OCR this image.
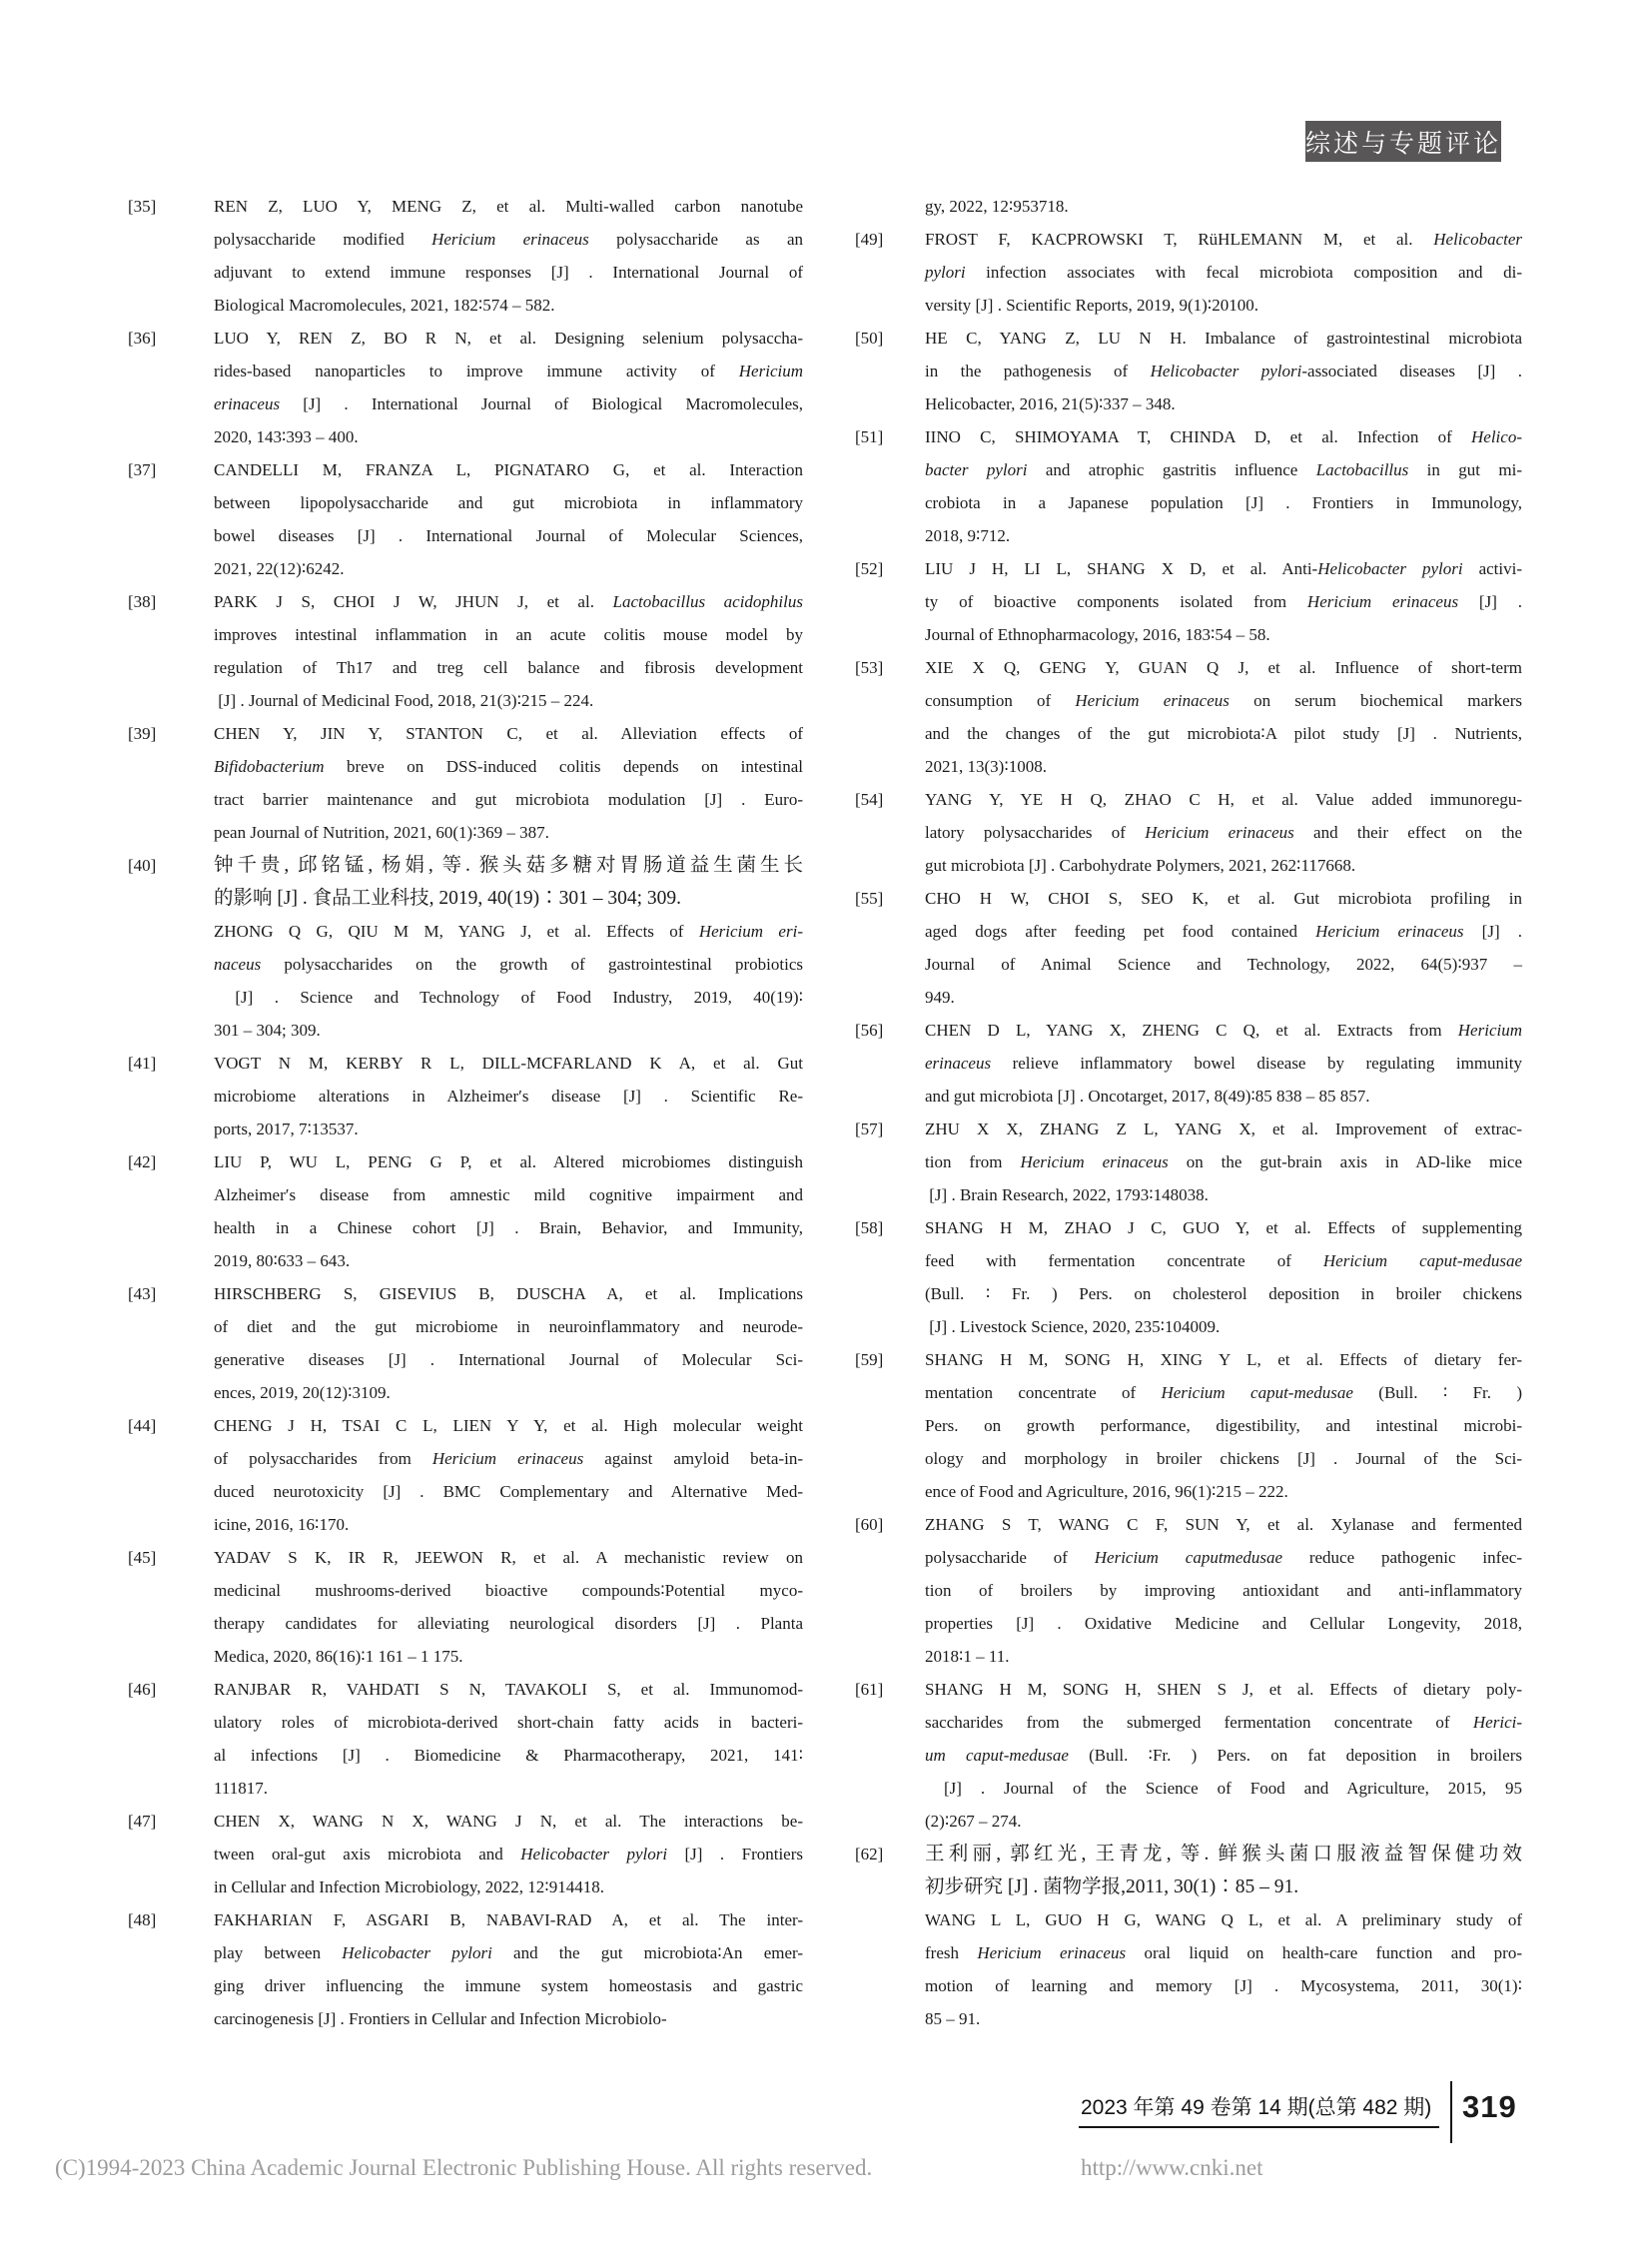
综述与专题评论
[35]	REN Z, LUO Y, MENG Z, et al. Multi-walled carbon nanotube
polysaccharide modified Hericium erinaceus polysaccharide as an
adjuvant to extend immune responses [J] . International Journal of
Biological Macromolecules, 2021, 182∶574 – 582.
[36]	LUO Y, REN Z, BO R N, et al. Designing selenium polysaccha-
rides-based nanoparticles to improve immune activity of Hericium
erinaceus [J] . International Journal of Biological Macromolecules,
2020, 143∶393 – 400.
[37]	CANDELLI M, FRANZA L, PIGNATARO G, et al. Interaction
between lipopolysaccharide and gut microbiota in inflammatory
bowel diseases [J] . International Journal of Molecular Sciences,
2021, 22(12)∶6242.
[38]	PARK J S, CHOI J W, JHUN J, et al. Lactobacillus acidophilus
improves intestinal inflammation in an acute colitis mouse model by
regulation of Th17 and treg cell balance and fibrosis development
[J] . Journal of Medicinal Food, 2018, 21(3)∶215 – 224.
[39]	CHEN Y, JIN Y, STANTON C, et al. Alleviation effects of
Bifidobacterium breve on DSS-induced colitis depends on intestinal
tract barrier maintenance and gut microbiota modulation [J] . Euro-
pean Journal of Nutrition, 2021, 60(1)∶369 – 387.
[40]	钟千贵, 邱铭锰, 杨娟, 等. 猴头菇多糖对胃肠道益生菌生长
的影响 [J] . 食品工业科技, 2019, 40(19)∶301 – 304; 309.
ZHONG Q G, QIU M M, YANG J, et al. Effects of Hericium eri-
naceus polysaccharides on the growth of gastrointestinal probiotics
[J] . Science and Technology of Food Industry, 2019, 40(19)∶
301 – 304; 309.
[41]	VOGT N M, KERBY R L, DILL-MCFARLAND K A, et al. Gut
microbiome alterations in Alzheimer′s disease [J] . Scientific Re-
ports, 2017, 7∶13537.
[42]	LIU P, WU L, PENG G P, et al. Altered microbiomes distinguish
Alzheimer′s disease from amnestic mild cognitive impairment and
health in a Chinese cohort [J] . Brain, Behavior, and Immunity,
2019, 80∶633 – 643.
[43]	HIRSCHBERG S, GISEVIUS B, DUSCHA A, et al. Implications
of diet and the gut microbiome in neuroinflammatory and neurode-
generative diseases [J] . International Journal of Molecular Sci-
ences, 2019, 20(12)∶3109.
[44]	CHENG J H, TSAI C L, LIEN Y Y, et al. High molecular weight
of polysaccharides from Hericium erinaceus against amyloid beta-in-
duced neurotoxicity [J] . BMC Complementary and Alternative Med-
icine, 2016, 16∶170.
[45]	YADAV S K, IR R, JEEWON R, et al. A mechanistic review on
medicinal mushrooms-derived bioactive compounds∶Potential myco-
therapy candidates for alleviating neurological disorders [J] . Planta
Medica, 2020, 86(16)∶1 161 – 1 175.
[46]	RANJBAR R, VAHDATI S N, TAVAKOLI S, et al. Immunomod-
ulatory roles of microbiota-derived short-chain fatty acids in bacteri-
al infections [J] . Biomedicine & Pharmacotherapy, 2021, 141∶
111817.
[47]	CHEN X, WANG N X, WANG J N, et al. The interactions be-
tween oral-gut axis microbiota and Helicobacter pylori [J] . Frontiers
in Cellular and Infection Microbiology, 2022, 12∶914418.
[48]	FAKHARIAN F, ASGARI B, NABAVI-RAD A, et al. The inter-
play between Helicobacter pylori and the gut microbiota∶An emer-
ging driver influencing the immune system homeostasis and gastric
carcinogenesis [J] . Frontiers in Cellular and Infection Microbiolo-
gy, 2022, 12∶953718.
[49] FROST F, KACPROWSKI T, RüHLEMANN M, et al. Helicobacter
pylori infection associates with fecal microbiota composition and di-
versity [J] . Scientific Reports, 2019, 9(1)∶20100.
[50] HE C, YANG Z, LU N H. Imbalance of gastrointestinal microbiota
in the pathogenesis of Helicobacter pylori-associated diseases [J] .
Helicobacter, 2016, 21(5)∶337 – 348.
[51] IINO C, SHIMOYAMA T, CHINDA D, et al. Infection of Helico-
bacter pylori and atrophic gastritis influence Lactobacillus in gut mi-
crobiota in a Japanese population [J] . Frontiers in Immunology,
2018, 9∶712.
[52] LIU J H, LI L, SHANG X D, et al. Anti-Helicobacter pylori activi-
ty of bioactive components isolated from Hericium erinaceus [J] .
Journal of Ethnopharmacology, 2016, 183∶54 – 58.
[53] XIE X Q, GENG Y, GUAN Q J, et al. Influence of short-term
consumption of Hericium erinaceus on serum biochemical markers
and the changes of the gut microbiota∶A pilot study [J] . Nutrients,
2021, 13(3)∶1008.
[54] YANG Y, YE H Q, ZHAO C H, et al. Value added immunoregu-
latory polysaccharides of Hericium erinaceus and their effect on the
gut microbiota [J] . Carbohydrate Polymers, 2021, 262∶117668.
[55] CHO H W, CHOI S, SEO K, et al. Gut microbiota profiling in
aged dogs after feeding pet food contained Hericium erinaceus [J] .
Journal of Animal Science and Technology, 2022, 64(5)∶937 –
949.
[56] CHEN D L, YANG X, ZHENG C Q, et al. Extracts from Hericium
erinaceus relieve inflammatory bowel disease by regulating immunity
and gut microbiota [J] . Oncotarget, 2017, 8(49)∶85 838 – 85 857.
[57] ZHU X X, ZHANG Z L, YANG X, et al. Improvement of extrac-
tion from Hericium erinaceus on the gut-brain axis in AD-like mice
[J] . Brain Research, 2022, 1793∶148038.
[58] SHANG H M, ZHAO J C, GUO Y, et al. Effects of supplementing
feed with fermentation concentrate of Hericium caput-medusae
(Bull. ∶ Fr. ) Pers. on cholesterol deposition in broiler chickens
[J] . Livestock Science, 2020, 235∶104009.
[59] SHANG H M, SONG H, XING Y L, et al. Effects of dietary fer-
mentation concentrate of Hericium caput-medusae (Bull. ∶ Fr. )
Pers. on growth performance, digestibility, and intestinal microbi-
ology and morphology in broiler chickens [J] . Journal of the Sci-
ence of Food and Agriculture, 2016, 96(1)∶215 – 222.
[60] ZHANG S T, WANG C F, SUN Y, et al. Xylanase and fermented
polysaccharide of Hericium caputmedusae reduce pathogenic infec-
tion of broilers by improving antioxidant and anti-inflammatory
properties [J] . Oxidative Medicine and Cellular Longevity, 2018,
2018∶1 – 11.
[61] SHANG H M, SONG H, SHEN S J, et al. Effects of dietary poly-
saccharides from the submerged fermentation concentrate of Herici-
um caput-medusae (Bull. ∶Fr. ) Pers. on fat deposition in broilers
[J] . Journal of the Science of Food and Agriculture, 2015, 95
(2)∶267 – 274.
[62] 王利丽, 郭红光, 王青龙, 等. 鲜猴头菌口服液益智保健功效
初步研究 [J] . 菌物学报,2011, 30(1)∶85 – 91.
WANG L L, GUO H G, WANG Q L, et al. A preliminary study of
fresh Hericium erinaceus oral liquid on health-care function and pro-
motion of learning and memory [J] . Mycosystema, 2011, 30(1)∶
85 – 91.
2023 年第 49 卷第 14 期(总第 482 期) 319
(C)1994-2023 China Academic Journal Electronic Publishing House. All rights reserved.	http://www.cnki.net
